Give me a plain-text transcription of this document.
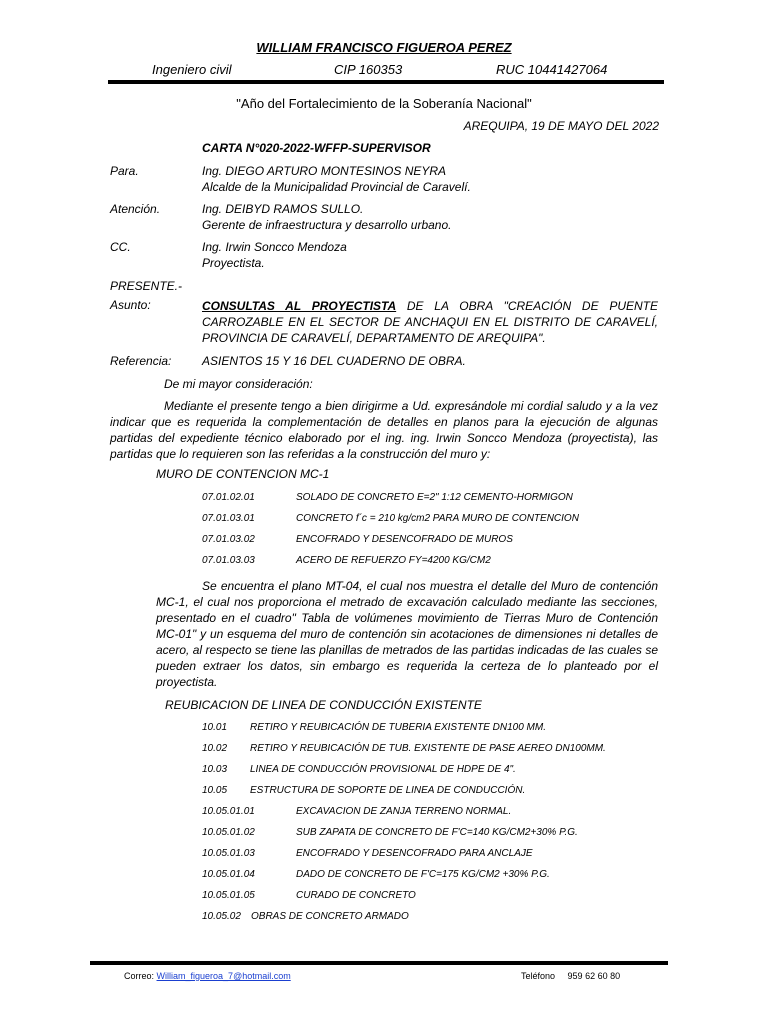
WILLIAM FRANCISCO FIGUEROA PEREZ
Ingeniero civil	CIP 160353	RUC 10441427064
"Año del Fortalecimiento de la Soberanía Nacional"
AREQUIPA, 19 DE MAYO DEL 2022
CARTA N°020-2022-WFFP-SUPERVISOR
Para.	Ing. DIEGO ARTURO MONTESINOS NEYRA
Alcalde de la Municipalidad Provincial de Caravelí.
Atención.	Ing. DEIBYD RAMOS SULLO.
Gerente de infraestructura y desarrollo urbano.
CC.	Ing. Irwin Soncco Mendoza
Proyectista.
PRESENTE.-
Asunto:	CONSULTAS AL PROYECTISTA DE LA OBRA "CREACIÓN DE PUENTE CARROZABLE EN EL SECTOR DE ANCHAQUI EN EL DISTRITO DE CARAVELÍ, PROVINCIA DE CARAVELÍ, DEPARTAMENTO DE AREQUIPA".
Referencia:	ASIENTOS 15 Y 16 DEL CUADERNO DE OBRA.
De mi mayor consideración:
Mediante el presente tengo a bien dirigirme a Ud. expresándole mi cordial saludo y a la vez indicar que es requerida la complementación de detalles en planos para la ejecución de algunas partidas del expediente técnico elaborado por el ing. ing. Irwin Soncco Mendoza (proyectista), las partidas que lo requieren son las referidas a la construcción del muro y:
MURO DE CONTENCION MC-1
07.01.02.01	SOLADO DE CONCRETO E=2" 1:12 CEMENTO-HORMIGON
07.01.03.01	CONCRETO f´c = 210 kg/cm2 PARA MURO DE CONTENCION
07.01.03.02	ENCOFRADO Y DESENCOFRADO DE MUROS
07.01.03.03	ACERO DE REFUERZO FY=4200 KG/CM2
Se encuentra el plano MT-04, el cual nos muestra el detalle del Muro de contención MC-1, el cual nos proporciona el metrado de excavación calculado mediante las secciones, presentado en el cuadro" Tabla de volúmenes movimiento de Tierras Muro de Contención MC-01" y un esquema del muro de contención sin acotaciones de dimensiones ni detalles de acero, al respecto se tiene las planillas de metrados de las partidas indicadas de las cuales se pueden extraer los datos, sin embargo es requerida la certeza de lo planteado por el proyectista.
REUBICACION DE LINEA DE CONDUCCIÓN EXISTENTE
10.01 RETIRO Y REUBICACIÓN DE TUBERIA EXISTENTE DN100 MM.
10.02 RETIRO Y REUBICACIÓN DE TUB. EXISTENTE DE PASE AEREO DN100MM.
10.03 LINEA DE CONDUCCIÓN PROVISIONAL DE HDPE DE 4".
10.05 ESTRUCTURA DE SOPORTE DE LINEA DE CONDUCCIÓN.
10.05.01.01	EXCAVACION DE ZANJA TERRENO NORMAL.
10.05.01.02	SUB ZAPATA DE CONCRETO DE F'C=140 KG/CM2+30% P.G.
10.05.01.03	ENCOFRADO Y DESENCOFRADO PARA ANCLAJE
10.05.01.04	DADO DE CONCRETO DE F'C=175 KG/CM2 +30% P.G.
10.05.01.05	CURADO DE CONCRETO
10.05.02 OBRAS DE CONCRETO ARMADO
Correo: William_figueroa_7@hotmail.com	Teléfono 959 62 60 80
